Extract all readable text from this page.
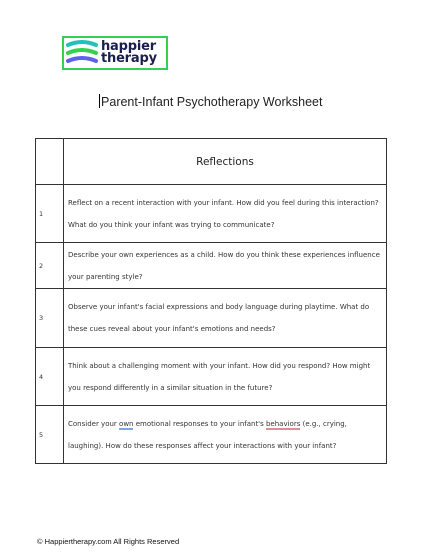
happier
therapy
Parent-Infant Psychotherapy Worksheet
	Reflections
1	Reflect on a recent interaction with your infant. How did you feel during this interaction? What do you think your infant was trying to communicate?
2	Describe your own experiences as a child. How do you think these experiences influence your parenting style?
3	Observe your infant's facial expressions and body language during playtime. What do these cues reveal about your infant's emotions and needs?
4	Think about a challenging moment with your infant. How did you respond? How might you respond differently in a similar situation in the future?
5	Consider your own emotional responses to your infant's behaviors (e.g., crying, laughing). How do these responses affect your interactions with your infant?
© Happiertherapy.com All Rights Reserved
